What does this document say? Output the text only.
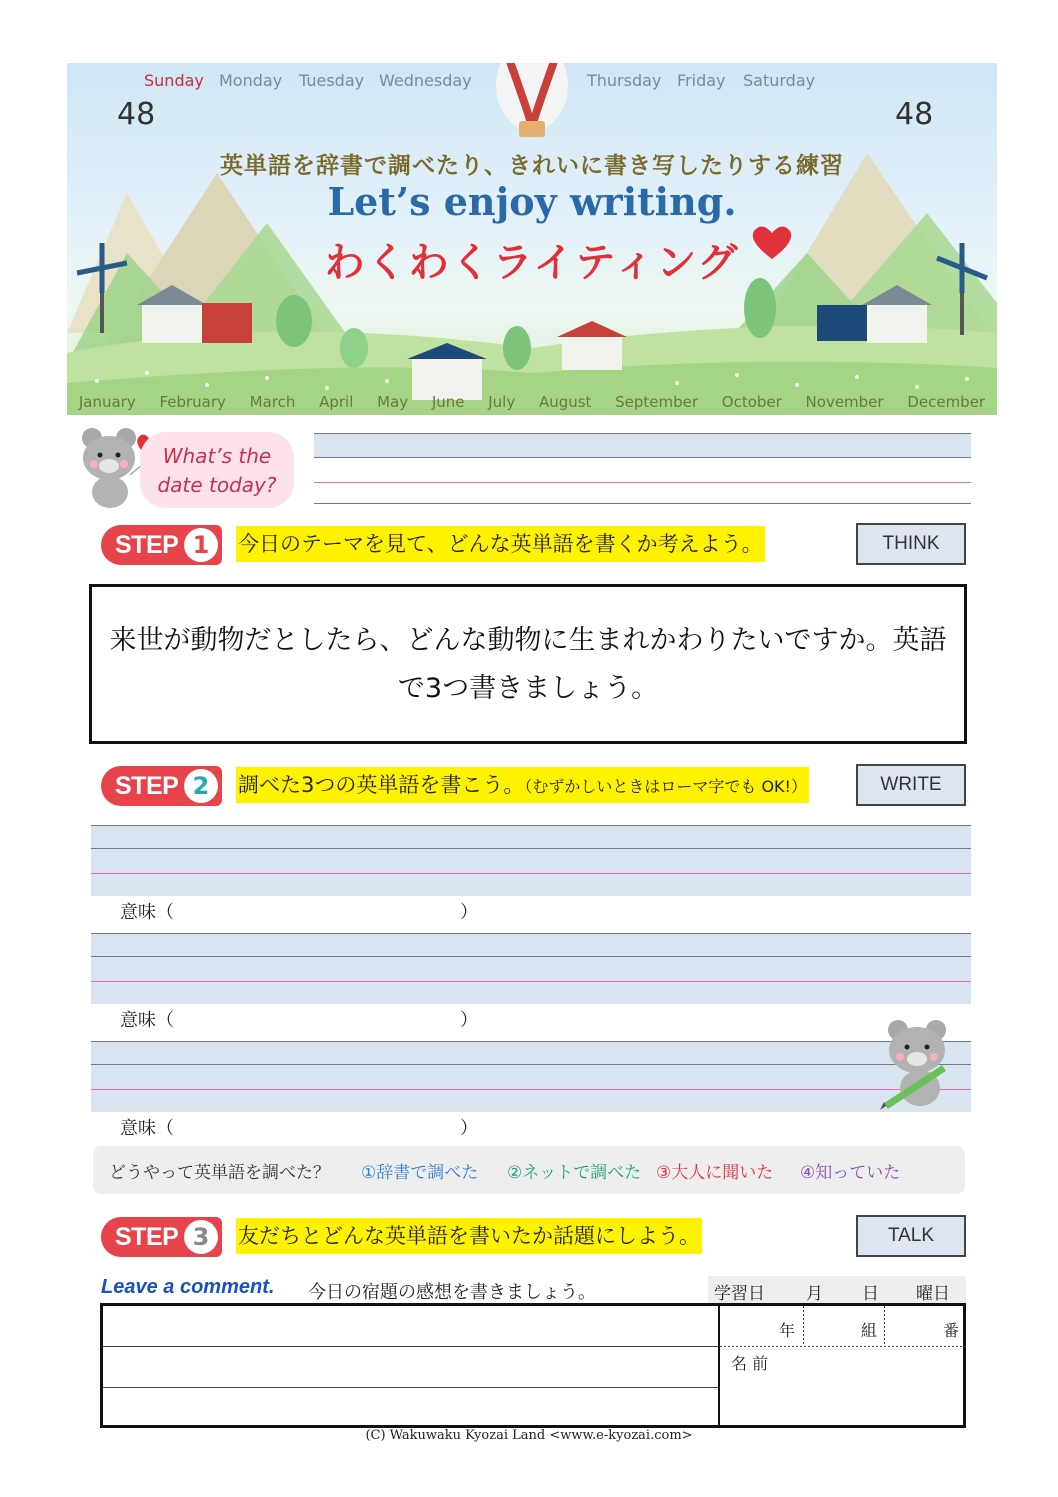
Sunday Monday Tuesday Wednesday	Thursday Friday Saturday
48	48
英単語を辞書で調べたり、きれいに書き写したりする練習
Let’s enjoy writing.
わくわくライティング
January February March April May June July August September October November December
What’s the
date today?
STEP 1	今日のテーマを見て、どんな英単語を書くか考えよう。	THINK
来世が動物だとしたら、どんな動物に生まれかわりたいですか。英語で3つ書きましょう。
STEP 2	調べた3つの英単語を書こう。（むずかしいときはローマ字でも OK!）	WRITE
意味（	）
意味（	）
意味（	）
どうやって英単語を調べた？ ①辞書で調べた ②ネットで調べた ③大人に聞いた ④知っていた
STEP 3	友だちとどんな英単語を書いたか話題にしよう。	TALK
Leave a comment. 今日の宿題の感想を書きましょう。	学習日 月 日 曜日
年	組	番
名 前
(C) Wakuwaku Kyozai Land <www.e-kyozai.com>
